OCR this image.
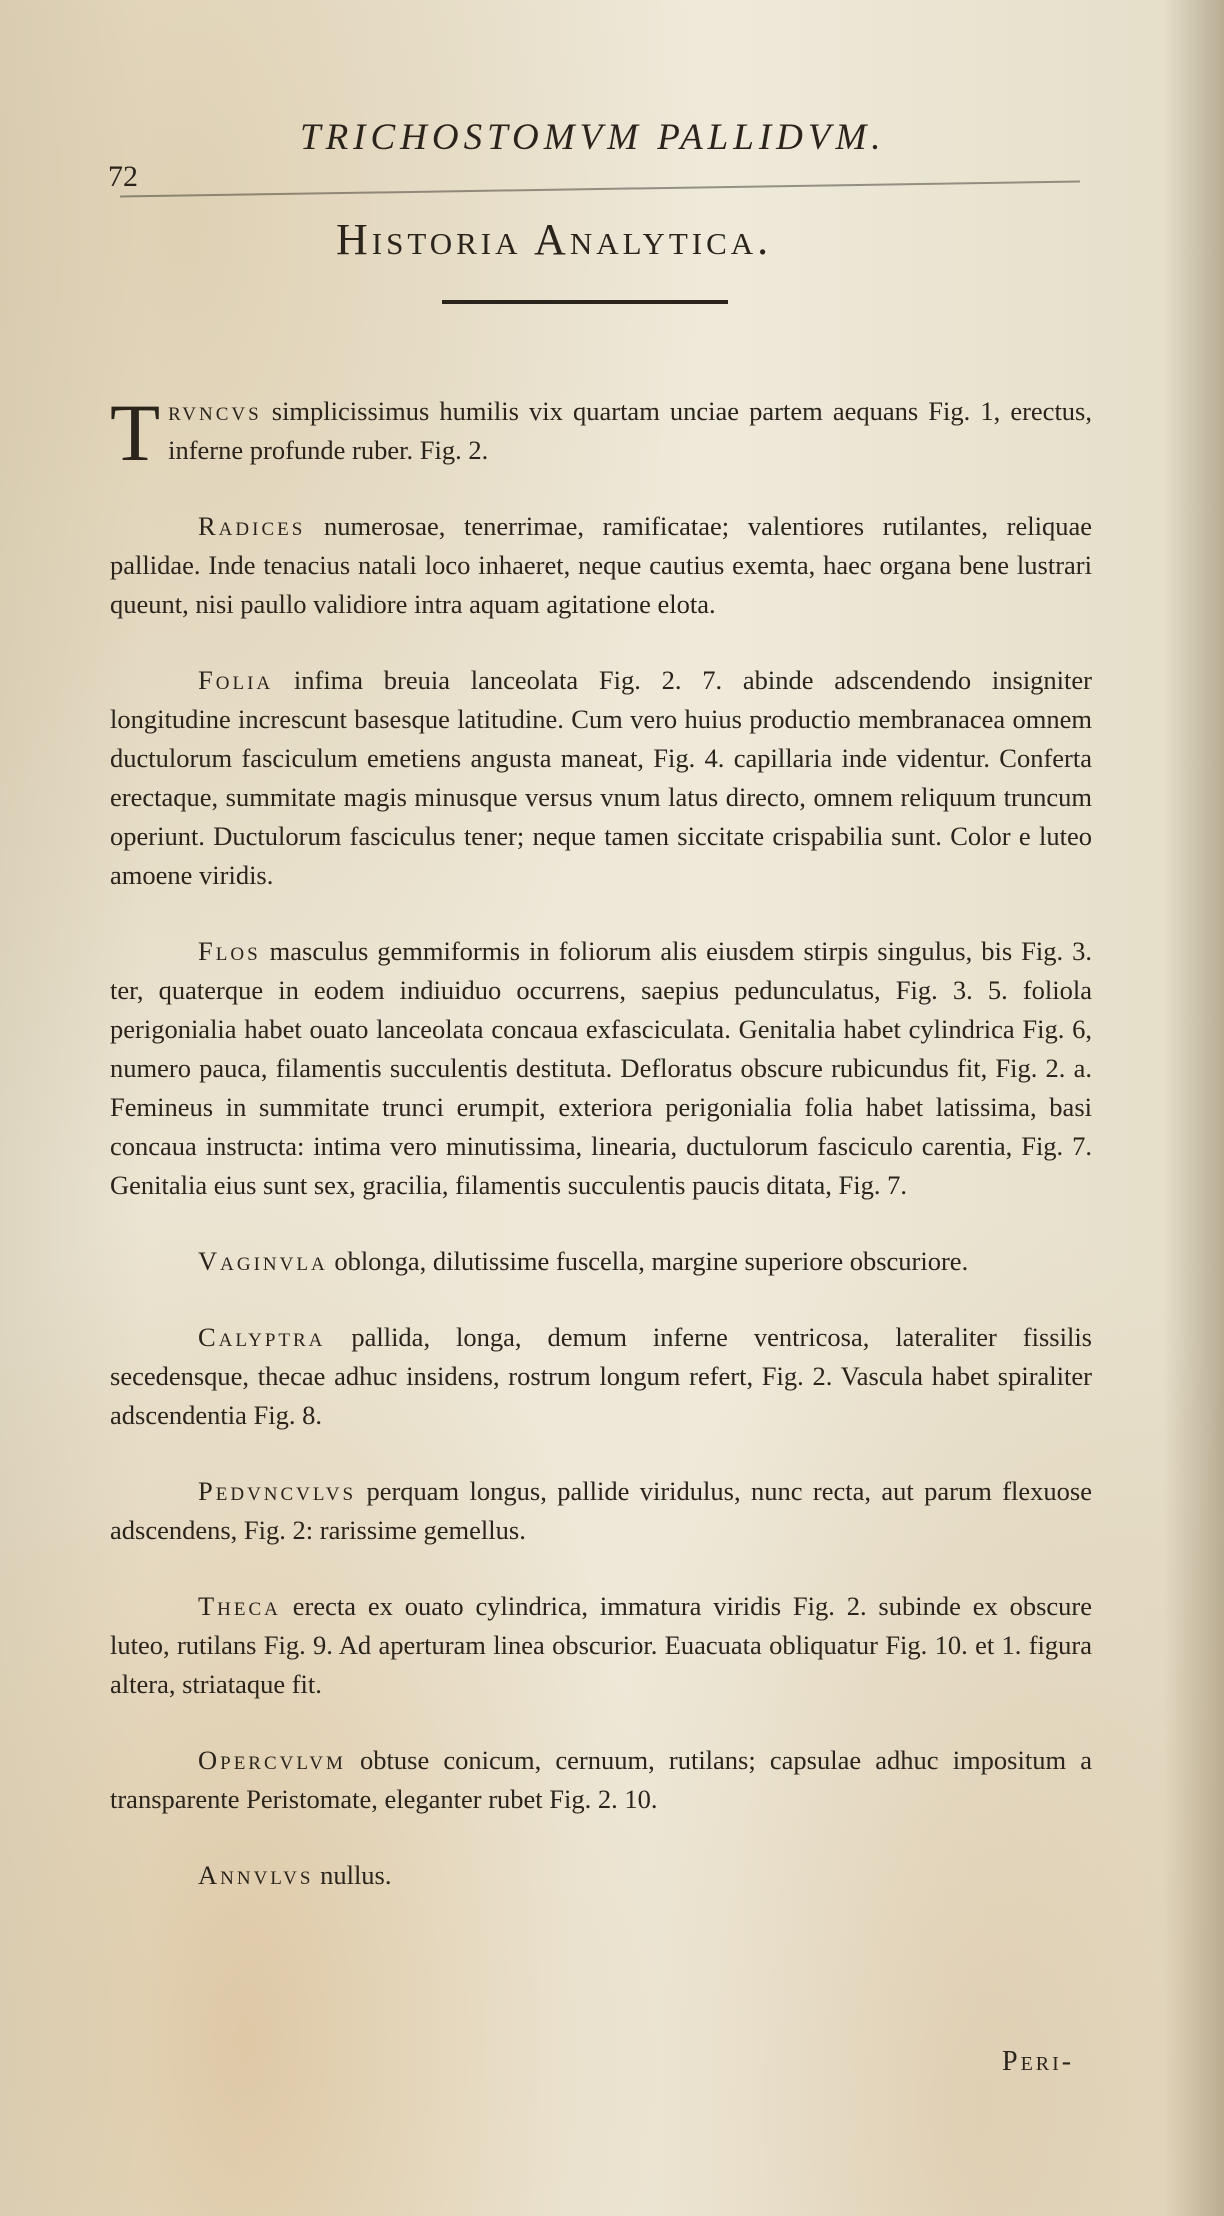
72
TRICHOSTOMVM PALLIDVM.
Historia Analytica.

Trvncvs simplicissimus humilis vix quartam unciae partem aequans Fig. 1, erectus, inferne profunde ruber. Fig. 2.

Radices numerosae, tenerrimae, ramificatae; valentiores rutilantes, reliquae pallidae. Inde tenacius natali loco inhaeret, neque cautius exemta, haec organa bene lustrari queunt, nisi paullo validiore intra aquam agitatione elota.

Folia infima breuia lanceolata Fig. 2. 7. abinde adscendendo insigniter longitudine increscunt basesque latitudine. Cum vero huius productio membranacea omnem ductulorum fasciculum emetiens angusta maneat, Fig. 4. capillaria inde videntur. Conferta erectaque, summitate magis minusque versus vnum latus directo, omnem reliquum truncum operiunt. Ductulorum fasciculus tener; neque tamen siccitate crispabilia sunt. Color e luteo amoene viridis.

Flos masculus gemmiformis in foliorum alis eiusdem stirpis singulus, bis Fig. 3. ter, quaterque in eodem indiuiduo occurrens, saepius pedunculatus, Fig. 3. 5. foliola perigonialia habet ouato lanceolata concaua exfasciculata. Genitalia habet cylindrica Fig. 6, numero pauca, filamentis succulentis destituta. Defloratus obscure rubicundus fit, Fig. 2. a. Femineus in summitate trunci erumpit, exteriora perigonialia folia habet latissima, basi concaua instructa: intima vero minutissima, linearia, ductulorum fasciculo carentia, Fig. 7. Genitalia eius sunt sex, gracilia, filamentis succulentis paucis ditata, Fig. 7.

Vaginvla oblonga, dilutissime fuscella, margine superiore obscuriore.

Calyptra pallida, longa, demum inferne ventricosa, lateraliter fissilis secedensque, thecae adhuc insidens, rostrum longum refert, Fig. 2. Vascula habet spiraliter adscendentia Fig. 8.

Pedvncvlvs perquam longus, pallide viridulus, nunc recta, aut parum flexuose adscendens, Fig. 2: rarissime gemellus.

Theca erecta ex ouato cylindrica, immatura viridis Fig. 2. subinde ex obscure luteo, rutilans Fig. 9. Ad aperturam linea obscurior. Euacuata obliquatur Fig. 10. et 1. figura altera, striataque fit.

Opercvlvm obtuse conicum, cernuum, rutilans; capsulae adhuc impositum a transparente Peristomate, eleganter rubet Fig. 2. 10.

Annvlvs nullus.

Peri-
